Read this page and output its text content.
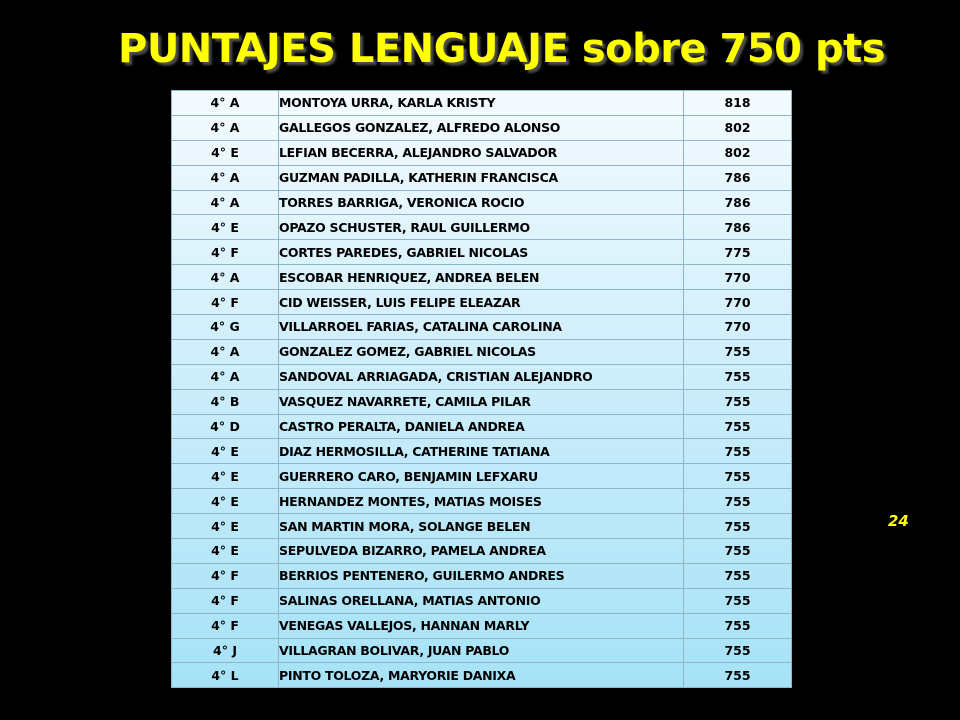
PUNTAJES LENGUAJE sobre 750 pts
4° A	MONTOYA URRA, KARLA KRISTY	818
4° A	GALLEGOS GONZALEZ, ALFREDO ALONSO	802
4° E	LEFIAN BECERRA, ALEJANDRO SALVADOR	802
4° A	GUZMAN PADILLA, KATHERIN FRANCISCA	786
4° A	TORRES BARRIGA, VERONICA ROCIO	786
4° E	OPAZO SCHUSTER, RAUL GUILLERMO	786
4° F	CORTES PAREDES, GABRIEL NICOLAS	775
4° A	ESCOBAR HENRIQUEZ, ANDREA BELEN	770
4° F	CID WEISSER, LUIS FELIPE ELEAZAR	770
4° G	VILLARROEL FARIAS, CATALINA CAROLINA	770
4° A	GONZALEZ GOMEZ, GABRIEL NICOLAS	755
4° A	SANDOVAL ARRIAGADA, CRISTIAN ALEJANDRO	755
4° B	VASQUEZ NAVARRETE, CAMILA PILAR	755
4° D	CASTRO PERALTA, DANIELA ANDREA	755
4° E	DIAZ HERMOSILLA, CATHERINE TATIANA	755
4° E	GUERRERO CARO, BENJAMIN LEFXARU	755
4° E	HERNANDEZ MONTES, MATIAS MOISES	755
4° E	SAN MARTIN MORA, SOLANGE BELEN	755
4° E	SEPULVEDA BIZARRO, PAMELA ANDREA	755
4° F	BERRIOS PENTENERO, GUILERMO ANDRES	755
4° F	SALINAS ORELLANA, MATIAS ANTONIO	755
4° F	VENEGAS VALLEJOS, HANNAN MARLY	755
4° J	VILLAGRAN BOLIVAR, JUAN PABLO	755
4° L	PINTO TOLOZA, MARYORIE DANIXA	755
24
